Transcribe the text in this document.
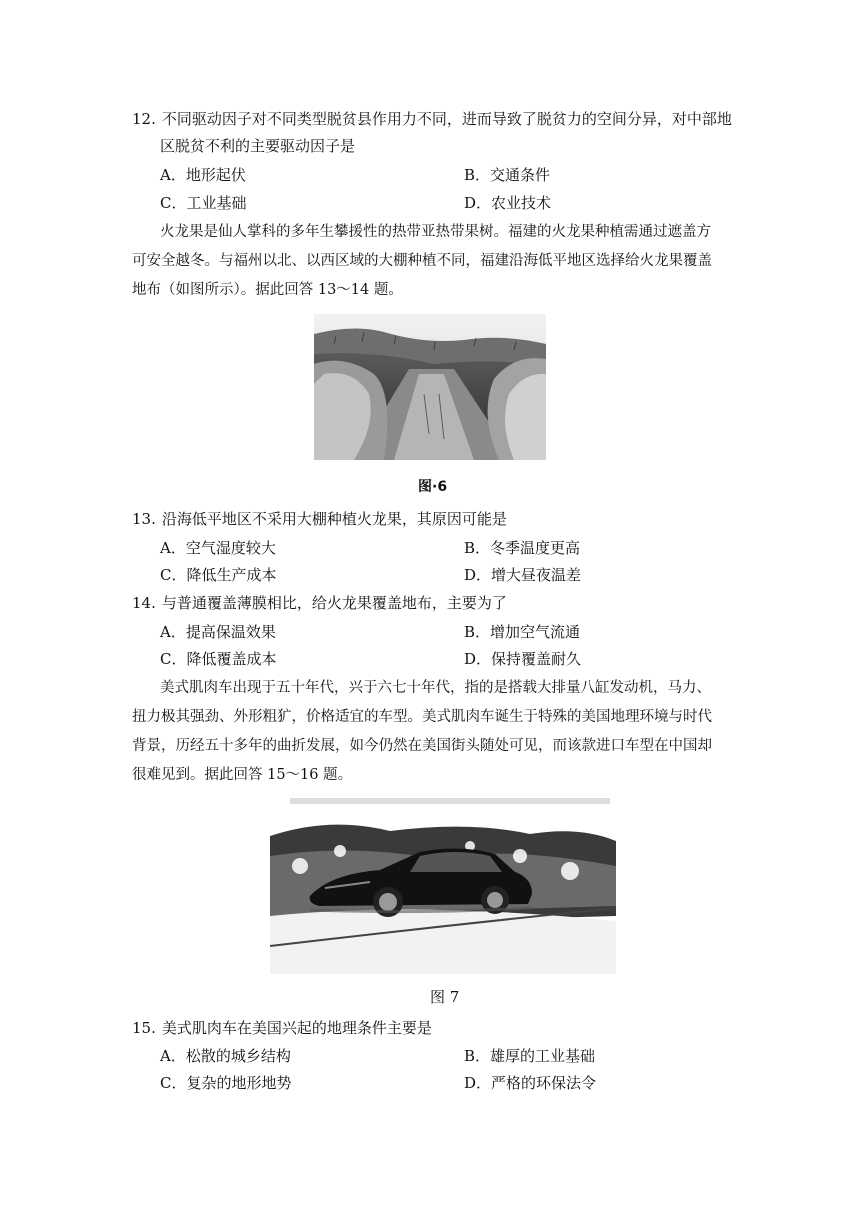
12. 不同驱动因子对不同类型脱贫县作用力不同，进而导致了脱贫力的空间分异，对中部地
区脱贫不利的主要驱动因子是
A．地形起伏	B．交通条件
C．工业基础	D．农业技术
火龙果是仙人掌科的多年生攀援性的热带亚热带果树。福建的火龙果种植需通过遮盖方
可安全越冬。与福州以北、以西区域的大棚种植不同，福建沿海低平地区选择给火龙果覆盖
地布（如图所示）。据此回答 13～14 题。
图·6
13. 沿海低平地区不采用大棚种植火龙果，其原因可能是
A．空气湿度较大	B．冬季温度更高
C．降低生产成本	D．增大昼夜温差
14. 与普通覆盖薄膜相比，给火龙果覆盖地布，主要为了
A．提高保温效果	B．增加空气流通
C．降低覆盖成本	D．保持覆盖耐久
美式肌肉车出现于五十年代，兴于六七十年代，指的是搭载大排量八缸发动机，马力、
扭力极其强劲、外形粗犷，价格适宜的车型。美式肌肉车诞生于特殊的美国地理环境与时代
背景，历经五十多年的曲折发展，如今仍然在美国街头随处可见，而该款进口车型在中国却
很难见到。据此回答 15～16 题。
图 7
15. 美式肌肉车在美国兴起的地理条件主要是
A．松散的城乡结构	B．雄厚的工业基础
C．复杂的地形地势	D．严格的环保法令
